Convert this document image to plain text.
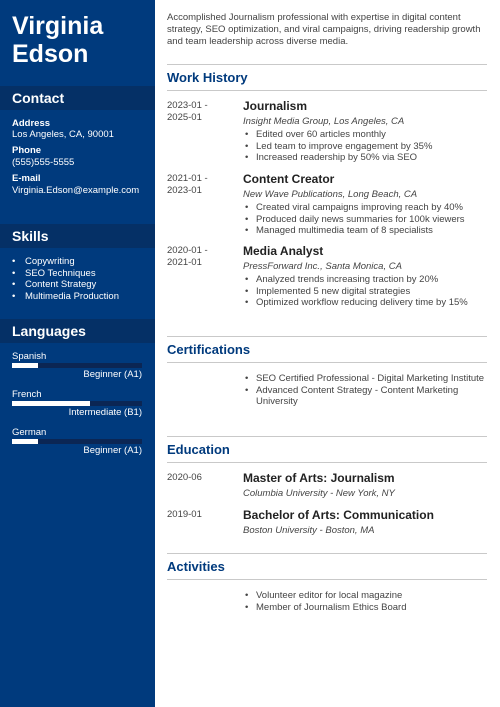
Virginia
Edson
Contact
Address
Los Angeles, CA, 90001
Phone
(555)555-5555
E-mail
Virginia.Edson@example.com
Skills
• Copywriting
• SEO Techniques
• Content Strategy
• Multimedia Production
Languages
Spanish
Beginner (A1)
French
Intermediate (B1)
German
Beginner (A1)
Accomplished Journalism professional with expertise in digital content strategy, SEO optimization, and viral campaigns, driving readership growth and team leadership across diverse media.
Work History
2023-01 -
2025-01
Journalism
Insight Media Group, Los Angeles, CA
• Edited over 60 articles monthly
• Led team to improve engagement by 35%
• Increased readership by 50% via SEO
2021-01 -
2023-01
Content Creator
New Wave Publications, Long Beach, CA
• Created viral campaigns improving reach by 40%
• Produced daily news summaries for 100k viewers
• Managed multimedia team of 8 specialists
2020-01 -
2021-01
Media Analyst
PressForward Inc., Santa Monica, CA
• Analyzed trends increasing traction by 20%
• Implemented 5 new digital strategies
• Optimized workflow reducing delivery time by 15%
Certifications
• SEO Certified Professional - Digital Marketing Institute
• Advanced Content Strategy - Content Marketing University
Education
2020-06	Master of Arts: Journalism
Columbia University - New York, NY
2019-01	Bachelor of Arts: Communication
Boston University - Boston, MA
Activities
• Volunteer editor for local magazine
• Member of Journalism Ethics Board
